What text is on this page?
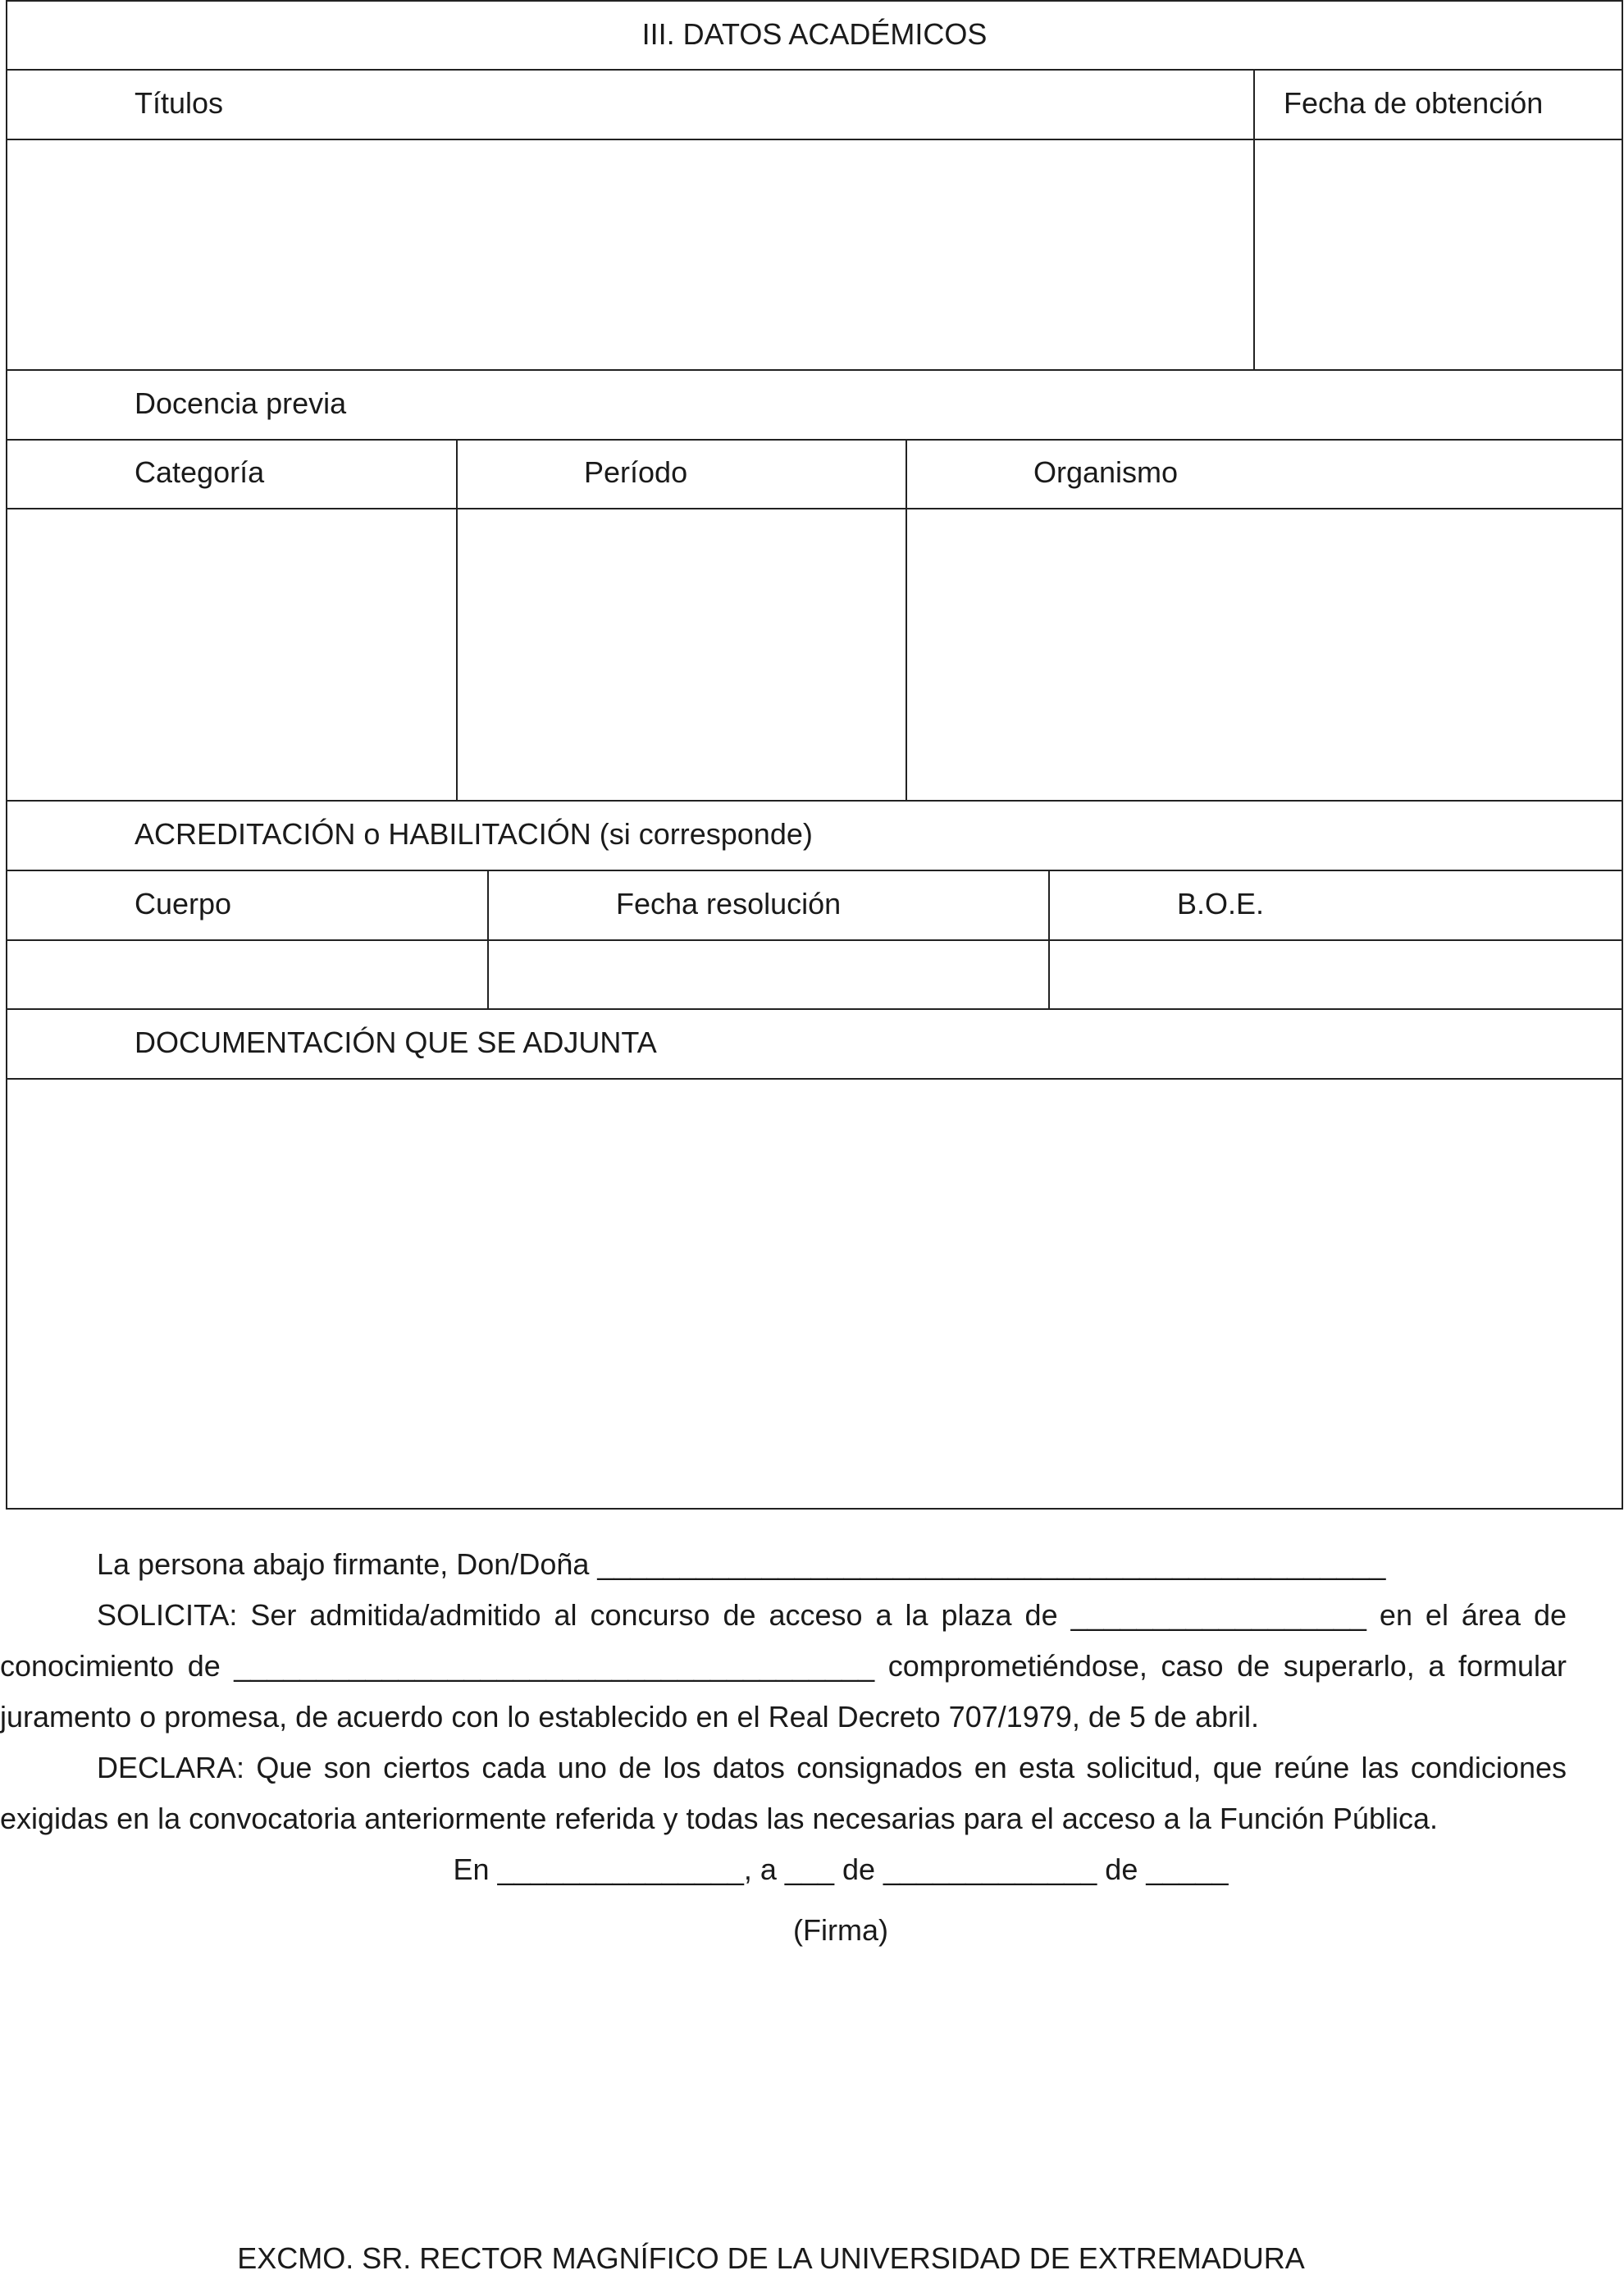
III. DATOS ACADÉMICOS
Títulos	Fecha de obtención
Docencia previa
Categoría	Período	Organismo
ACREDITACIÓN o HABILITACIÓN (si corresponde)
Cuerpo	Fecha resolución	B.O.E.
DOCUMENTACIÓN QUE SE ADJUNTA
La persona abajo firmante, Don/Doña ________________________________________________
SOLICITA: Ser admitida/admitido al concurso de acceso a la plaza de __________________ en el área de
conocimiento de _______________________________________ comprometiéndose, caso de superarlo, a formular
juramento o promesa, de acuerdo con lo establecido en el Real Decreto 707/1979, de 5 de abril.
DECLARA: Que son ciertos cada uno de los datos consignados en esta solicitud, que reúne las condiciones
exigidas en la convocatoria anteriormente referida y todas las necesarias para el acceso a la Función Pública.
En _______________, a ___ de _____________ de _____
(Firma)
EXCMO. SR. RECTOR MAGNÍFICO DE LA UNIVERSIDAD DE EXTREMADURA
